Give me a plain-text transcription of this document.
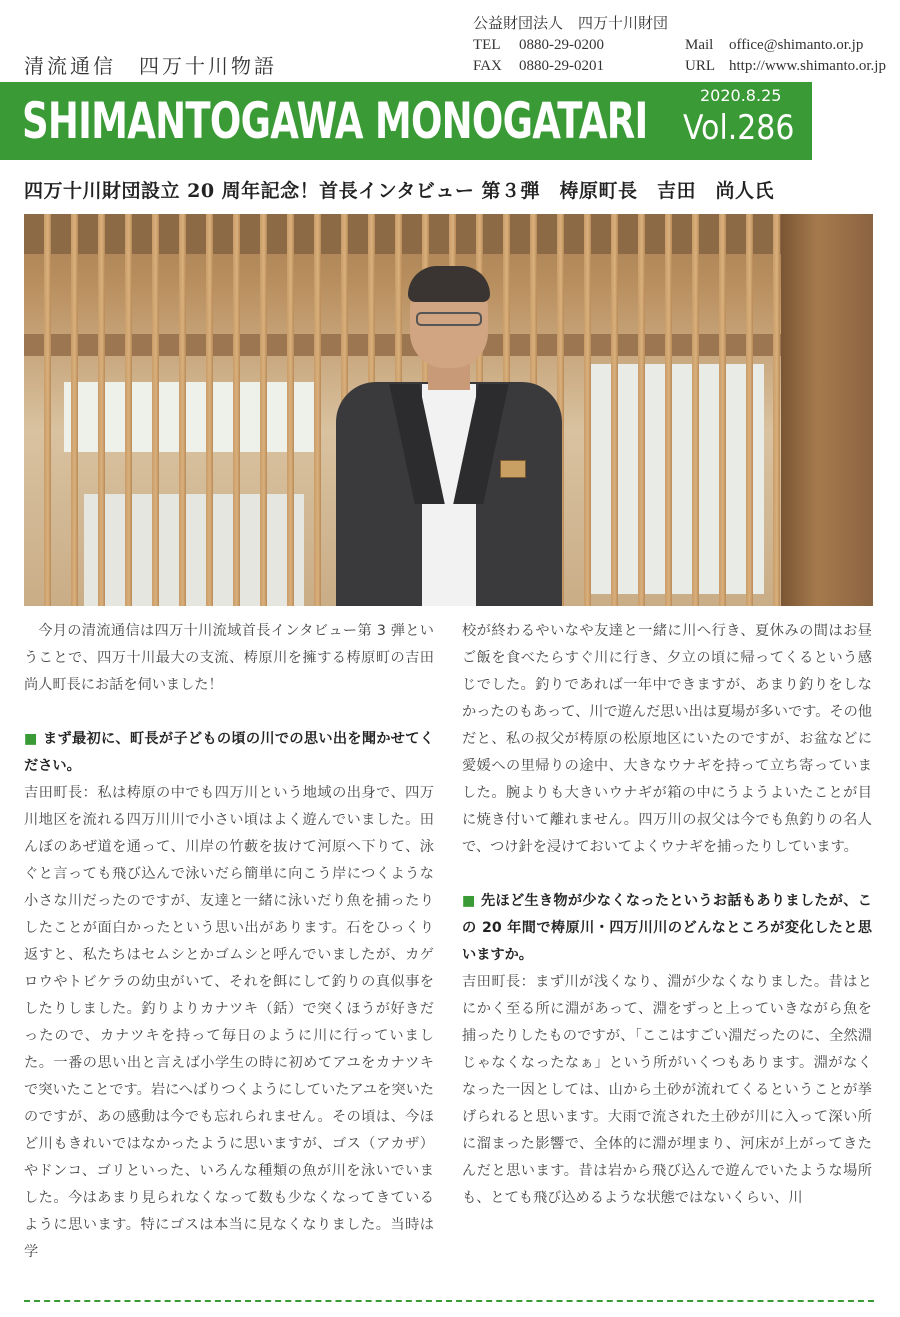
公益財団法人　四万十川財団
TEL 0880-29-0200	Mail office@shimanto.or.jp
FAX 0880-29-0201	URL http://www.shimanto.or.jp
清流通信　四万十川物語
SHIMANTOGAWA MONOGATARI	2020.8.25
Vol.286
四万十川財団設立 20 周年記念！首長インタビュー 第３弾　梼原町長　吉田　尚人氏

今月の清流通信は四万十川流域首長インタビュー第 3 弾ということで、四万十川最大の支流、梼原川を擁する梼原町の吉田尚人町長にお話を伺いました！

■ まず最初に、町長が子どもの頃の川での思い出を聞かせてください。

吉田町長：私は梼原の中でも四万川という地域の出身で、四万川地区を流れる四万川川で小さい頃はよく遊んでいました。田んぼのあぜ道を通って、川岸の竹藪を抜けて河原へ下りて、泳ぐと言っても飛び込んで泳いだら簡単に向こう岸につくような小さな川だったのですが、友達と一緒に泳いだり魚を捕ったりしたことが面白かったという思い出があります。石をひっくり返すと、私たちはセムシとかゴムシと呼んでいましたが、カゲロウやトビケラの幼虫がいて、それを餌にして釣りの真似事をしたりしました。釣りよりカナツキ（銛）で突くほうが好きだったので、カナツキを持って毎日のように川に行っていました。一番の思い出と言えば小学生の時に初めてアユをカナツキで突いたことです。岩にへばりつくようにしていたアユを突いたのですが、あの感動は今でも忘れられません。その頃は、今ほど川もきれいではなかったように思いますが、ゴス（アカザ）やドンコ、ゴリといった、いろんな種類の魚が川を泳いでいました。今はあまり見られなくなって数も少なくなってきているように思います。特にゴスは本当に見なくなりました。当時は学

校が終わるやいなや友達と一緒に川へ行き、夏休みの間はお昼ご飯を食べたらすぐ川に行き、夕立の頃に帰ってくるという感じでした。釣りであれば一年中できますが、あまり釣りをしなかったのもあって、川で遊んだ思い出は夏場が多いです。その他だと、私の叔父が梼原の松原地区にいたのですが、お盆などに愛媛への里帰りの途中、大きなウナギを持って立ち寄っていました。腕よりも大きいウナギが箱の中にうようよいたことが目に焼き付いて離れません。四万川の叔父は今でも魚釣りの名人で、つけ針を浸けておいてよくウナギを捕ったりしています。

■ 先ほど生き物が少なくなったというお話もありましたが、この 20 年間で梼原川・四万川川のどんなところが変化したと思いますか。

吉田町長：まず川が浅くなり、淵が少なくなりました。昔はとにかく至る所に淵があって、淵をずっと上っていきながら魚を捕ったりしたものですが、「ここはすごい淵だったのに、全然淵じゃなくなったなぁ」という所がいくつもあります。淵がなくなった一因としては、山から土砂が流れてくるということが挙げられると思います。大雨で流された土砂が川に入って深い所に溜まった影響で、全体的に淵が埋まり、河床が上がってきたんだと思います。昔は岩から飛び込んで遊んでいたような場所も、とても飛び込めるような状態ではないくらい、川
